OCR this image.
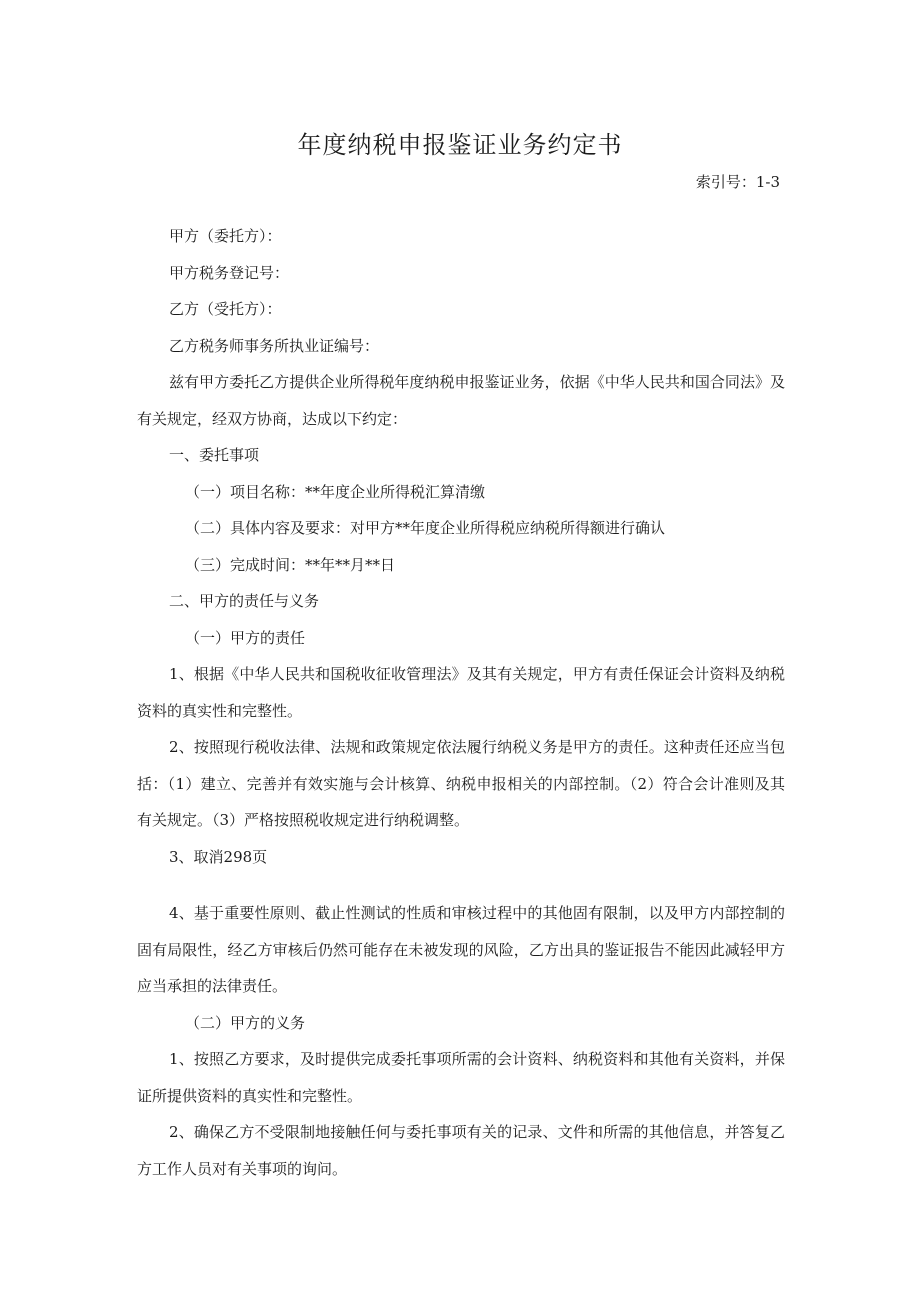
年度纳税申报鉴证业务约定书
索引号：1-3

甲方（委托方）：

甲方税务登记号：

乙方（受托方）：

乙方税务师事务所执业证编号：

兹有甲方委托乙方提供企业所得税年度纳税申报鉴证业务，依据《中华人民共和国合同法》及有关规定，经双方协商，达成以下约定：

一、委托事项

（一）项目名称：**年度企业所得税汇算清缴

（二）具体内容及要求：对甲方**年度企业所得税应纳税所得额进行确认

（三）完成时间：**年**月**日

二、甲方的责任与义务

（一）甲方的责任

1、根据《中华人民共和国税收征收管理法》及其有关规定，甲方有责任保证会计资料及纳税资料的真实性和完整性。

2、按照现行税收法律、法规和政策规定依法履行纳税义务是甲方的责任。这种责任还应当包括：（1）建立、完善并有效实施与会计核算、纳税申报相关的内部控制。（2）符合会计准则及其有关规定。（3）严格按照税收规定进行纳税调整。

3、取消298页

4、基于重要性原则、截止性测试的性质和审核过程中的其他固有限制，以及甲方内部控制的固有局限性，经乙方审核后仍然可能存在未被发现的风险，乙方出具的鉴证报告不能因此减轻甲方应当承担的法律责任。

（二）甲方的义务

1、按照乙方要求，及时提供完成委托事项所需的会计资料、纳税资料和其他有关资料，并保证所提供资料的真实性和完整性。

2、确保乙方不受限制地接触任何与委托事项有关的记录、文件和所需的其他信息，并答复乙方工作人员对有关事项的询问。
